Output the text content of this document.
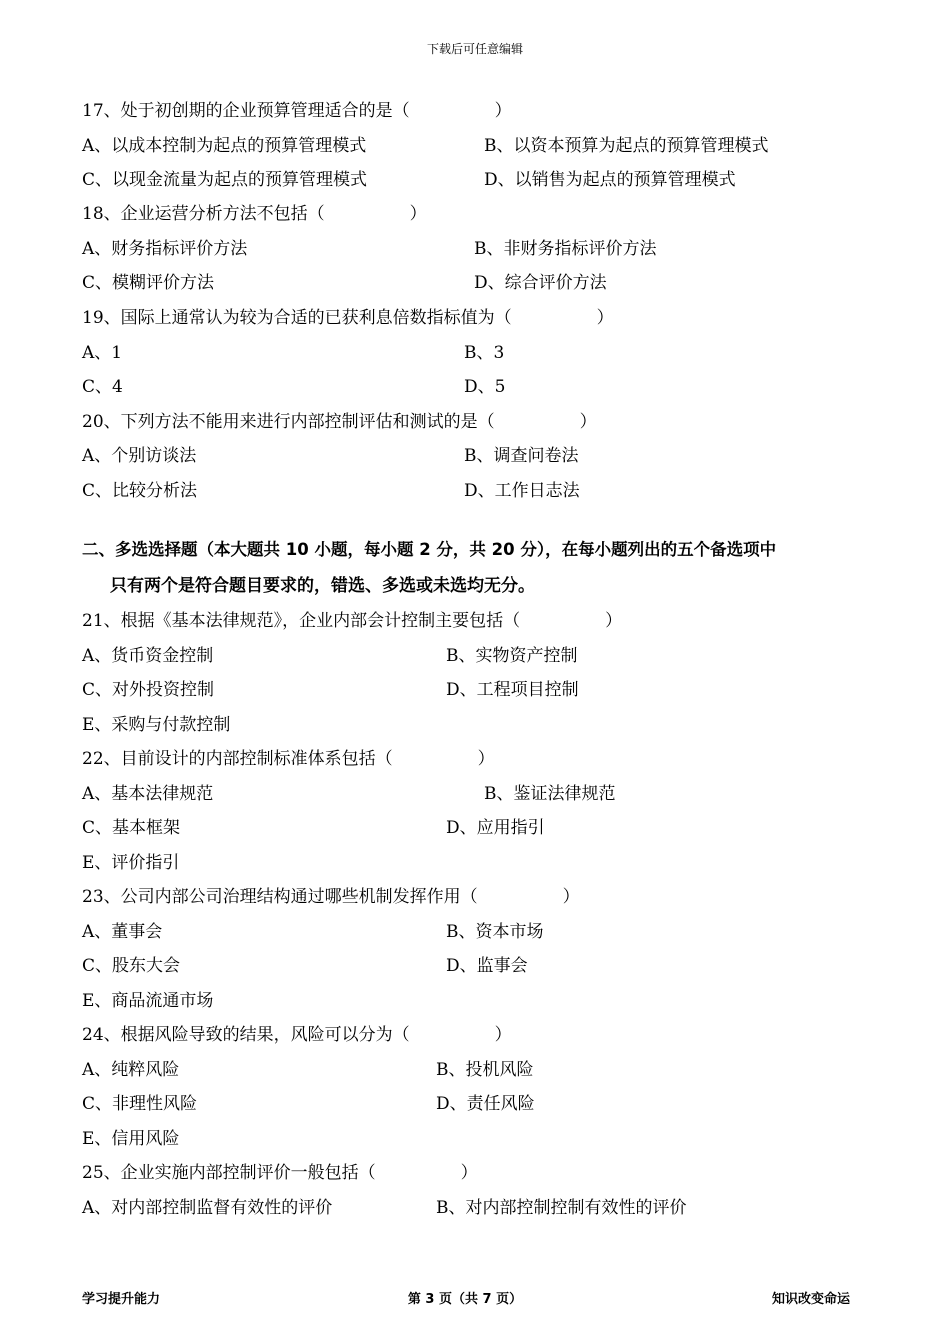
下载后可任意编辑
17、处于初创期的企业预算管理适合的是（　　　　　）
A、以成本控制为起点的预算管理模式	B、以资本预算为起点的预算管理模式
C、以现金流量为起点的预算管理模式	D、以销售为起点的预算管理模式
18、企业运营分析方法不包括（　　　　　）
A、财务指标评价方法	B、非财务指标评价方法
C、模糊评价方法	D、综合评价方法
19、国际上通常认为较为合适的已获利息倍数指标值为（　　　　　）
A、1	B、3
C、4	D、5
20、下列方法不能用来进行内部控制评估和测试的是（　　　　　）
A、个别访谈法	B、调查问卷法
C、比较分析法	D、工作日志法
二、多选选择题（本大题共 10 小题，每小题 2 分，共 20 分），在每小题列出的五个备选项中
只有两个是符合题目要求的，错选、多选或未选均无分。
21、根据《基本法律规范》，企业内部会计控制主要包括（　　　　　）
A、货币资金控制	B、实物资产控制
C、对外投资控制	D、工程项目控制
E、采购与付款控制
22、目前设计的内部控制标准体系包括（　　　　　）
A、基本法律规范	B、鉴证法律规范
C、基本框架	D、应用指引
E、评价指引
23、公司内部公司治理结构通过哪些机制发挥作用（　　　　　）
A、董事会	B、资本市场
C、股东大会	D、监事会
E、商品流通市场
24、根据风险导致的结果，风险可以分为（　　　　　）
A、纯粹风险	B、投机风险
C、非理性风险	D、责任风险
E、信用风险
25、企业实施内部控制评价一般包括（　　　　　）
A、对内部控制监督有效性的评价	B、对内部控制控制有效性的评价
学习提升能力	第 3 页（共 7 页）	知识改变命运
